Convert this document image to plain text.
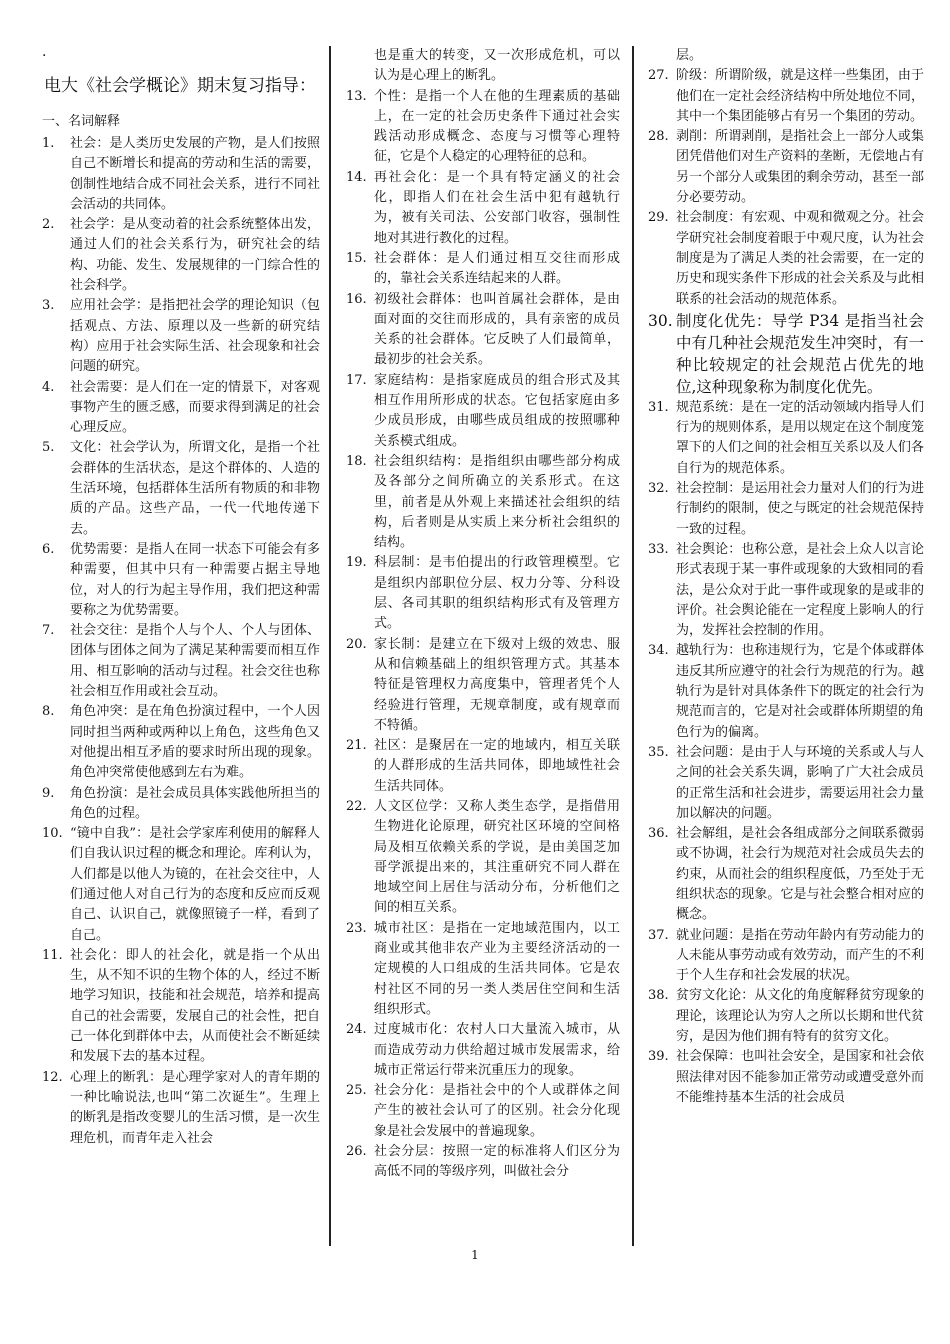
·
电大《社会学概论》期末复习指导：
一、名词解释
1.	社会：是人类历史发展的产物，是人们按照自己不断增长和提高的劳动和生活的需要，创制性地结合成不同社会关系，进行不同社会活动的共同体。
2.	社会学：是从变动着的社会系统整体出发，通过人们的社会关系行为，研究社会的结构、功能、发生、发展规律的一门综合性的社会科学。
3.	应用社会学：是指把社会学的理论知识（包括观点、方法、原理以及一些新的研究结构）应用于社会实际生活、社会现象和社会问题的研究。
4.	社会需要：是人们在一定的情景下，对客观事物产生的匮乏感，而要求得到满足的社会心理反应。
5.	文化：社会学认为，所谓文化，是指一个社会群体的生活状态，是这个群体的、人造的生活环境，包括群体生活所有物质的和非物质的产品。这些产品，一代一代地传递下去。
6.	优势需要：是指人在同一状态下可能会有多种需要，但其中只有一种需要占据主导地位，对人的行为起主导作用，我们把这种需要称之为优势需要。
7.	社会交往：是指个人与个人、个人与团体、团体与团体之间为了满足某种需要而相互作用、相互影响的活动与过程。社会交往也称社会相互作用或社会互动。
8.	角色冲突：是在角色扮演过程中，一个人因同时担当两种或两种以上角色，这些角色又对他提出相互矛盾的要求时所出现的现象。角色冲突常使他感到左右为难。
9.	角色扮演：是社会成员具体实践他所担当的角色的过程。
10. “镜中自我”：是社会学家库利使用的解释人们自我认识过程的概念和理论。库利认为，人们都是以他人为镜的，在社会交往中，人们通过他人对自己行为的态度和反应而反观自己、认识自己，就像照镜子一样，看到了自己。
11. 社会化：即人的社会化，就是指一个从出生，从不知不识的生物个体的人，经过不断地学习知识，技能和社会规范，培养和提高自己的社会需要，发展自己的社会性，把自己一体化到群体中去，从而使社会不断延续和发展下去的基本过程。
12. 心理上的断乳：是心理学家对人的青年期的一种比喻说法,也叫“第二次诞生”。生理上的断乳是指改变婴儿的生活习惯，是一次生理危机，而青年走入社会
也是重大的转变，又一次形成危机，可以认为是心理上的断乳。
13. 个性：是指一个人在他的生理素质的基础上，在一定的社会历史条件下通过社会实践活动形成概念、态度与习惯等心理特征，它是个人稳定的心理特征的总和。
14. 再社会化：是一个具有特定涵义的社会化，即指人们在社会生活中犯有越轨行为，被有关司法、公安部门收容，强制性地对其进行教化的过程。
15. 社会群体：是人们通过相互交往而形成的，靠社会关系连结起来的人群。
16. 初级社会群体：也叫首属社会群体，是由面对面的交往而形成的，具有亲密的成员关系的社会群体。它反映了人们最简单，最初步的社会关系。
17. 家庭结构：是指家庭成员的组合形式及其相互作用所形成的状态。它包括家庭由多少成员形成，由哪些成员组成的按照哪种关系模式组成。
18. 社会组织结构：是指组织由哪些部分构成及各部分之间所确立的关系形式。在这里，前者是从外观上来描述社会组织的结构，后者则是从实质上来分析社会组织的结构。
19. 科层制：是韦伯提出的行政管理模型。它是组织内部职位分层、权力分等、分科设层、各司其职的组织结构形式有及管理方式。
20. 家长制：是建立在下级对上级的效忠、服从和信赖基础上的组织管理方式。其基本特征是管理权力高度集中，管理者凭个人经验进行管理，无规章制度，或有规章而不特循。
21. 社区：是聚居在一定的地域内，相互关联的人群形成的生活共同体，即地域性社会生活共同体。
22. 人文区位学：又称人类生态学，是指借用生物进化论原理，研究社区环境的空间格局及相互依赖关系的学说，是由美国芝加哥学派提出来的，其注重研究不同人群在地域空间上居住与活动分布，分析他们之间的相互关系。
23. 城市社区：是指在一定地域范围内，以工商业或其他非农产业为主要经济活动的一定规模的人口组成的生活共同体。它是农村社区不同的另一类人类居住空间和生活组织形式。
24. 过度城市化：农村人口大量流入城市，从而造成劳动力供给超过城市发展需求，给城市正常运行带来沉重压力的现象。
25. 社会分化：是指社会中的个人或群体之间产生的被社会认可了的区别。社会分化现象是社会发展中的普遍现象。
26. 社会分层：按照一定的标准将人们区分为高低不同的等级序列，叫做社会分
层。
27. 阶级：所谓阶级，就是这样一些集团，由于他们在一定社会经济结构中所处地位不同，其中一个集团能够占有另一个集团的劳动。
28. 剥削：所谓剥削，是指社会上一部分人或集团凭借他们对生产资料的垄断，无偿地占有另一个部分人或集团的剩余劳动，甚至一部分必要劳动。
29. 社会制度：有宏观、中观和微观之分。社会学研究社会制度着眼于中观尺度，认为社会制度是为了满足人类的社会需要，在一定的历史和现实条件下形成的社会关系及与此相联系的社会活动的规范体系。
30. 制度化优先：导学 P34 是指当社会中有几种社会规范发生冲突时，有一种比较规定的社会规范占优先的地位,这种现象称为制度化优先。
31. 规范系统：是在一定的活动领域内指导人们行为的规则体系，是用以规定在这个制度笼罩下的人们之间的社会相互关系以及人们各自行为的规范体系。
32. 社会控制：是运用社会力量对人们的行为进行制约的限制，使之与既定的社会规范保持一致的过程。
33. 社会舆论：也称公意，是社会上众人以言论形式表现于某一事件或现象的大致相同的看法，是公众对于此一事件或现象的是或非的评价。社会舆论能在一定程度上影响人的行为，发挥社会控制的作用。
34. 越轨行为：也称违规行为，它是个体或群体违反其所应遵守的社会行为规范的行为。越轨行为是针对具体条件下的既定的社会行为规范而言的，它是对社会或群体所期望的角色行为的偏离。
35. 社会问题：是由于人与环境的关系或人与人之间的社会关系失调，影响了广大社会成员的正常生活和社会进步，需要运用社会力量加以解决的问题。
36. 社会解组，是社会各组成部分之间联系微弱或不协调，社会行为规范对社会成员失去的约束，从而社会的组织程度低，乃至处于无组织状态的现象。它是与社会整合相对应的概念。
37. 就业问题：是指在劳动年龄内有劳动能力的人未能从事劳动或有效劳动，而产生的不利于个人生存和社会发展的状况。
38. 贫穷文化论：从文化的角度解释贫穷现象的理论，该理论认为穷人之所以长期和世代贫穷，是因为他们拥有特有的贫穷文化。
39. 社会保障：也叫社会安全，是国家和社会依照法律对因不能参加正常劳动或遭受意外而不能维持基本生活的社会成员
1
